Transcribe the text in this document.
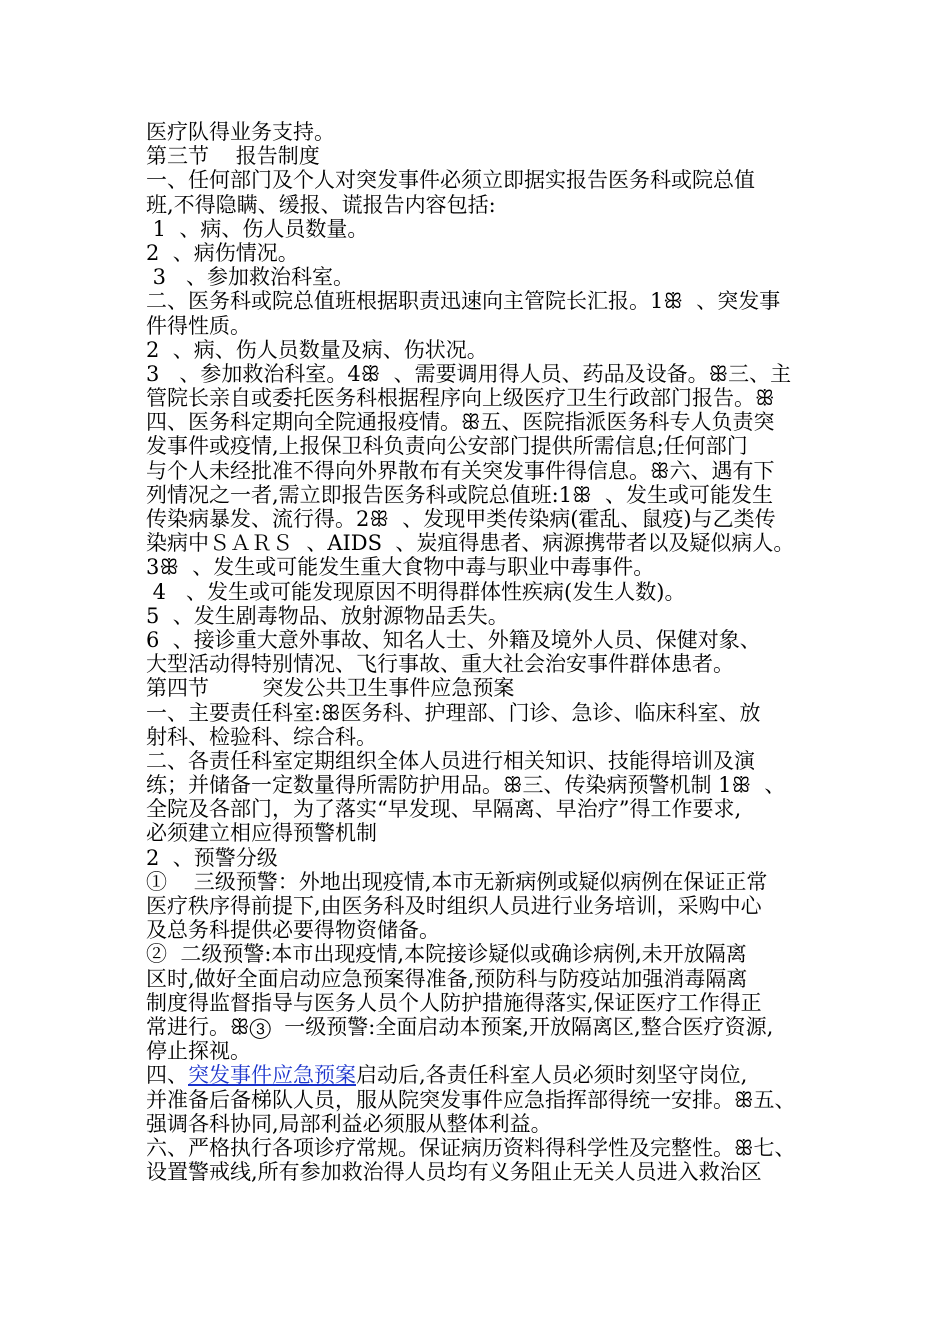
医疗队得业务支持。
第三节    报告制度
一、任何部门及个人对突发事件必须立即据实报告医务科或院总值
班,不得隐瞒、缓报、谎报告内容包括:
1  、病、伤人员数量。
2  、病伤情况。
3   、参加救治科室。
二、医务科或院总值班根据职责迅速向主管院长汇报。1ꕥ  、突发事
件得性质。
2  、病、伤人员数量及病、伤状况。
3   、参加救治科室。4ꕥ  、需要调用得人员、药品及设备。ꕥ三、主
管院长亲自或委托医务科根据程序向上级医疗卫生行政部门报告。ꕥ
四、医务科定期向全院通报疫情。ꕥ五、医院指派医务科专人负责突
发事件或疫情,上报保卫科负责向公安部门提供所需信息;任何部门
与个人未经批准不得向外界散布有关突发事件得信息。ꕥ六、遇有下
列情况之一者,需立即报告医务科或院总值班:1ꕥ  、发生或可能发生
传染病暴发、流行得。2ꕥ  、发现甲类传染病(霍乱、鼠疫)与乙类传
染病中ＳＡＲＳ  、AIDS  、炭疽得患者、病源携带者以及疑似病人。
3ꕥ  、发生或可能发生重大食物中毒与职业中毒事件。
4   、发生或可能发现原因不明得群体性疾病(发生人数)。
5  、发生剧毒物品、放射源物品丢失。
6  、接诊重大意外事故、知名人士、外籍及境外人员、保健对象、
大型活动得特别情况、飞行事故、重大社会治安事件群体患者。
第四节        突发公共卫生事件应急预案
一、主要责任科室:ꕥ医务科、护理部、门诊、急诊、临床科室、放
射科、检验科、综合科。
二、各责任科室定期组织全体人员进行相关知识、技能得培训及演
练；并储备一定数量得所需防护用品。ꕥ三、传染病预警机制 1ꕥ  、
全院及各部门，为了落实“早发现、早隔离、早治疗”得工作要求,
必须建立相应得预警机制
2  、预警分级
①    三级预警：外地出现疫情,本市无新病例或疑似病例在保证正常
医疗秩序得前提下,由医务科及时组织人员进行业务培训，采购中心
及总务科提供必要得物资储备。
②  二级预警:本市出现疫情,本院接诊疑似或确诊病例,未开放隔离
区时,做好全面启动应急预案得准备,预防科与防疫站加强消毒隔离
制度得监督指导与医务人员个人防护措施得落实,保证医疗工作得正
常进行。ꕥ③  一级预警:全面启动本预案,开放隔离区,整合医疗资源,
停止探视。
四、突发事件应急预案启动后,各责任科室人员必须时刻坚守岗位,
并准备后备梯队人员，服从院突发事件应急指挥部得统一安排。ꕥ五、
强调各科协同,局部利益必须服从整体利益。
六、严格执行各项诊疗常规。保证病历资料得科学性及完整性。ꕥ七、
设置警戒线,所有参加救治得人员均有义务阻止无关人员进入救治区
